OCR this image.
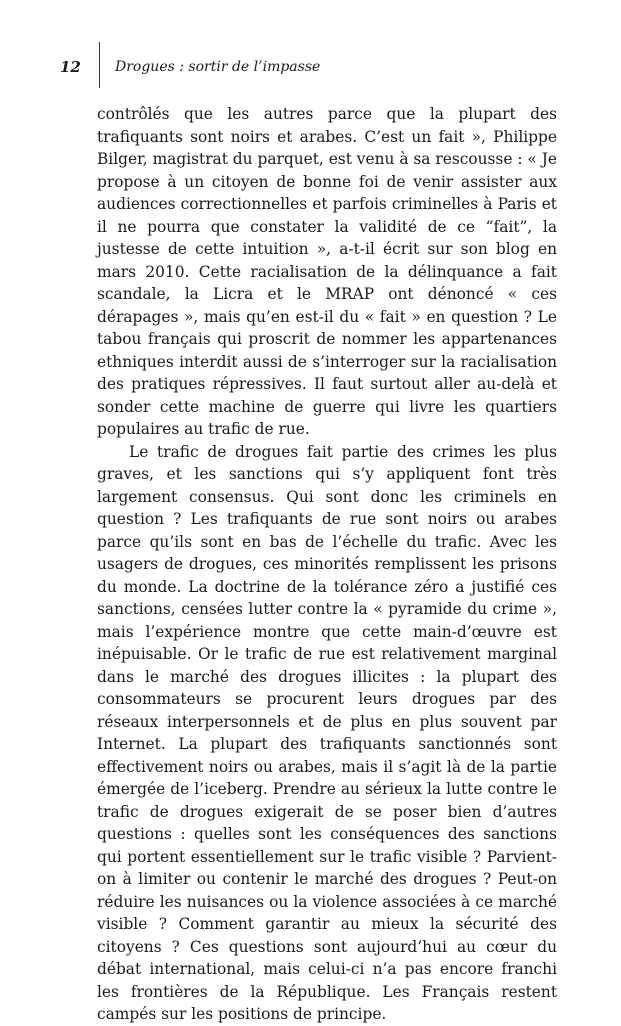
12 Drogues : sortir de l’impasse

contrôlés que les autres parce que la plupart des trafiquants sont noirs et arabes. C’est un fait », Philippe Bilger, magistrat du parquet, est venu à sa rescousse : « Je propose à un citoyen de bonne foi de venir assister aux audiences correctionnelles et parfois criminelles à Paris et il ne pourra que constater la validité de ce “fait”, la justesse de cette intuition », a-t-il écrit sur son blog en mars 2010. Cette racialisation de la délinquance a fait scandale, la Licra et le MRAP ont dénoncé « ces dérapages », mais qu’en est-il du « fait » en question ? Le tabou français qui proscrit de nommer les appartenances ethniques interdit aussi de s’interroger sur la racialisation des pratiques répressives. Il faut surtout aller au-delà et sonder cette machine de guerre qui livre les quartiers populaires au trafic de rue.

Le trafic de drogues fait partie des crimes les plus graves, et les sanctions qui s’y appliquent font très largement consensus. Qui sont donc les criminels en question ? Les trafiquants de rue sont noirs ou arabes parce qu’ils sont en bas de l’échelle du trafic. Avec les usagers de drogues, ces minorités remplissent les prisons du monde. La doctrine de la tolérance zéro a justifié ces sanctions, censées lutter contre la « pyramide du crime », mais l’expérience montre que cette main-d’œuvre est inépuisable. Or le trafic de rue est relativement marginal dans le marché des drogues illicites : la plupart des consommateurs se procurent leurs drogues par des réseaux interpersonnels et de plus en plus souvent par Internet. La plupart des trafiquants sanctionnés sont effectivement noirs ou arabes, mais il s’agit là de la partie émergée de l’iceberg. Prendre au sérieux la lutte contre le trafic de drogues exigerait de se poser bien d’autres questions : quelles sont les conséquences des sanctions qui portent essentiellement sur le trafic visible ? Parvient-on à limiter ou contenir le marché des drogues ? Peut-on réduire les nuisances ou la violence associées à ce marché visible ? Comment garantir au mieux la sécurité des citoyens ? Ces questions sont aujourd’hui au cœur du débat international, mais celui-ci n’a pas encore franchi les frontières de la République. Les Français restent campés sur les positions de principe.
